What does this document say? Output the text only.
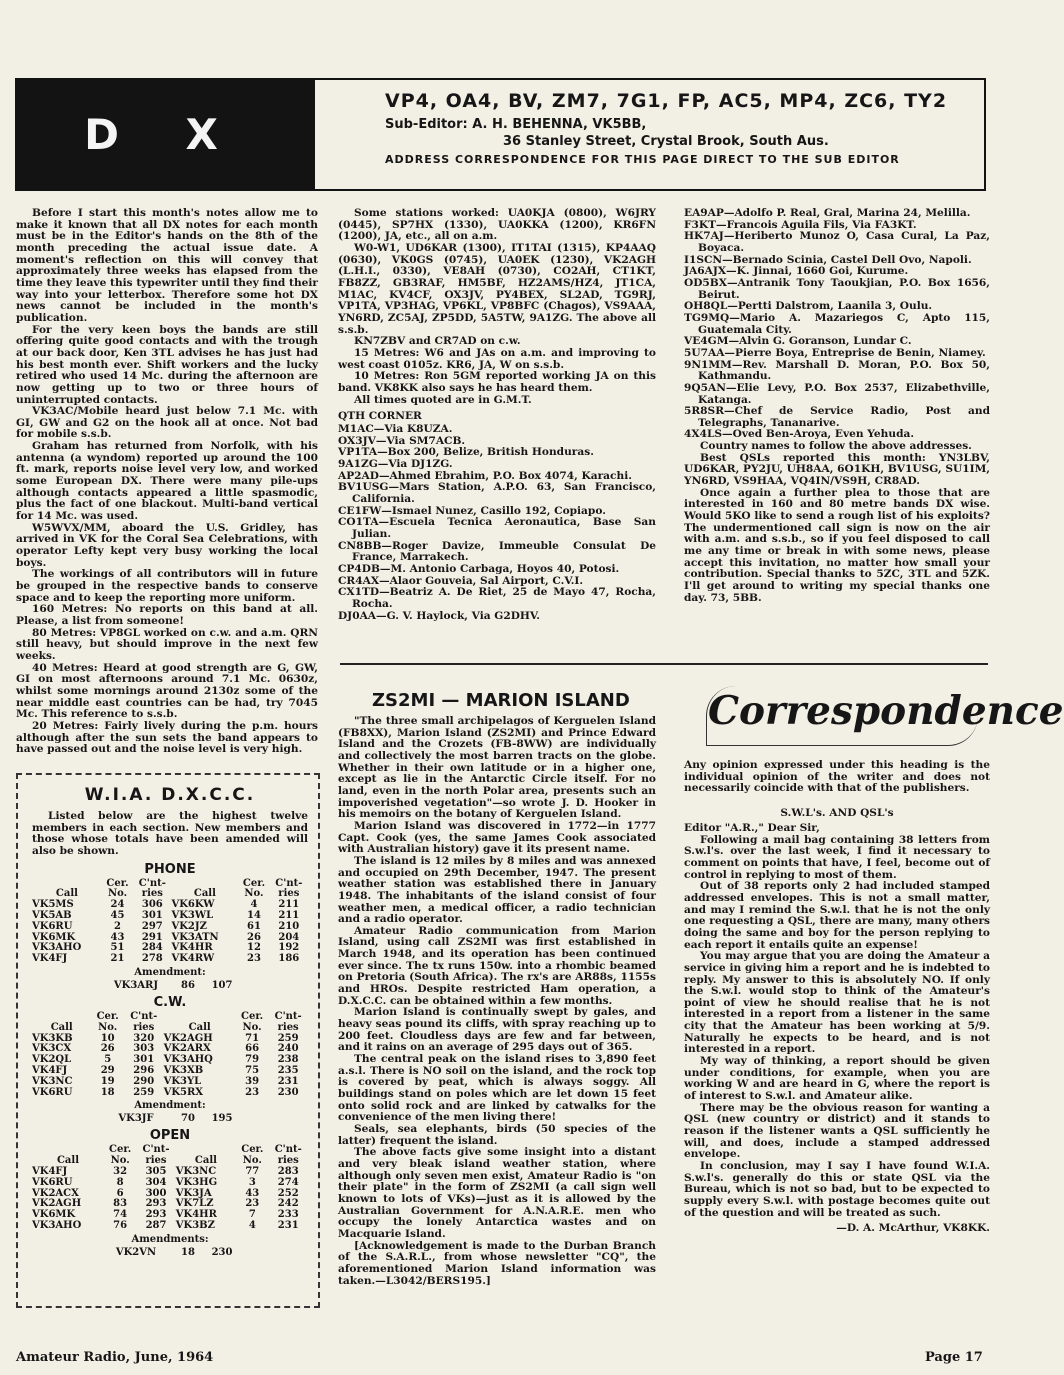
D X
VP4, OA4, BV, ZM7, 7G1, FP, AC5, MP4, ZC6, TY2
Sub-Editor: A. H. BEHENNA, VK5BB,
36 Stanley Street, Crystal Brook, South Aus.
ADDRESS CORRESPONDENCE FOR THIS PAGE DIRECT TO THE SUB EDITOR

Before I start this month's notes allow me to make it known that all DX notes for each month must be in the Editor's hands on the 8th of the month preceding the actual issue date. A moment's reflection on this will convey that approximately three weeks has elapsed from the time they leave this typewriter until they find their way into your letterbox. Therefore some hot DX news cannot be included in the month's publication.

For the very keen boys the bands are still offering quite good contacts and with the trough at our back door, Ken 3TL advises he has just had his best month ever. Shift workers and the lucky retired who used 14 Mc. during the afternoon are now getting up to two or three hours of uninterrupted contacts.

VK3AC/Mobile heard just below 7.1 Mc. with GI, GW and G2 on the hook all at once. Not bad for mobile s.s.b.

Graham has returned from Norfolk, with his antenna (a wyndom) reported up around the 100 ft. mark, reports noise level very low, and worked some European DX. There were many pile-ups although contacts appeared a little spasmodic, plus the fact of one blackout. Multi-band vertical for 14 Mc. was used.

W5WVX/MM, aboard the U.S. Gridley, has arrived in VK for the Coral Sea Celebrations, with operator Lefty kept very busy working the local boys.

The workings of all contributors will in future be grouped in the respective bands to conserve space and to keep the reporting more uniform.

160 Metres: No reports on this band at all. Please, a list from someone!

80 Metres: VP8GL worked on c.w. and a.m. QRN still heavy, but should improve in the next few weeks.

40 Metres: Heard at good strength are G, GW, GI on most afternoons around 7.1 Mc. 0630z, whilst some mornings around 2130z some of the near middle east countries can be had, try 7045 Mc. This reference to s.s.b.

20 Metres: Fairly lively during the p.m. hours although after the sun sets the band appears to have passed out and the noise level is very high.

W.I.A. D.X.C.C.

Listed below are the highest twelve members in each section. New members and those whose totals have been amended will also be shown.

PHONE
	Cer.	C'nt-		Cer.	C'nt-
Call	No.	ries	Call	No.	ries
VK5MS	24	306	VK6KW	4	211
VK5AB	45	301	VK3WL	14	211
VK6RU	2	297	VK2JZ	61	210
VK6MK	43	291	VK3ATN	26	204
VK3AHO	51	284	VK4HR	12	192
VK4FJ	21	278	VK4RW	23	186
Amendment:
VK3ARJ 86 107
C.W.
	Cer.	C'nt-		Cer.	C'nt-
Call	No.	ries	Call	No.	ries
VK3KB	10	320	VK2AGH	71	259
VK3CX	26	303	VK2ARX	66	240
VK2QL	5	301	VK3AHQ	79	238
VK4FJ	29	296	VK3XB	75	235
VK3NC	19	290	VK3YL	39	231
VK6RU	18	259	VK5RX	23	230
Amendment:
VK3JF	70 195
OPEN
	Cer.	C'nt-		Cer.	C'nt-
Call	No.	ries	Call	No.	ries
VK4FJ	32	305	VK3NC	77	283
VK6RU	8	304	VK3HG	3	274
VK2ACX	6	300	VK3JA	43	252
VK2AGH	83	293	VK7LZ	23	242
VK6MK	74	293	VK4HR	7	233
VK3AHO	76	287	VK3BZ	4	231
Amendments:
VK2VN 18 230

Some stations worked: UA0KJA (0800), W6JRY (0445), SP7HX (1330), UA0KKA (1200), KR6FN (1200), JA, etc., all on a.m.

W0-W1, UD6KAR (1300), IT1TAI (1315), KP4AAQ (0630), VK0GS (0745), UA0EK (1230), VK2AGH (L.H.I., 0330), VE8AH (0730), CO2AH, CT1KT, FB8ZZ, GB3RAF, HM5BF, HZ2AMS/HZ4, JT1CA, M1AC, KV4CF, OX3JV, PY4BEX, SL2AD, TG9RJ, VP1TA, VP3HAG, VP6KL, VP8BFC (Chagos), VS9AAA, YN6RD, ZC5AJ, ZP5DD, 5A5TW, 9A1ZG. The above all s.s.b.

KN7ZBV and CR7AD on c.w.

15 Metres: W6 and JAs on a.m. and improving to west coast 0105z. KR6, JA, W on s.s.b.

10 Metres: Ron 5GM reported working JA on this band. VK8KK also says he has heard them.

All times quoted are in G.M.T.

QTH CORNER

M1AC—Via K8UZA.

OX3JV—Via SM7ACB.

VP1TA—Box 200, Belize, British Honduras.

9A1ZG—Via DJ1ZG.

AP2AD—Ahmed Ebrahim, P.O. Box 4074, Karachi.

BV1USG—Mars Station, A.P.O. 63, San Francisco, California.

CE1FW—Ismael Nunez, Casillo 192, Copiapo.

CO1TA—Escuela Tecnica Aeronautica, Base San Julian.

CN8BB—Roger Davize, Immeuble Consulat De France, Marrakech.

CP4DB—M. Antonio Carbaga, Hoyos 40, Potosi.

CR4AX—Alaor Gouveia, Sal Airport, C.V.I.

CX1TD—Beatriz A. De Riet, 25 de Mayo 47, Rocha, Rocha.

DJ0AA—G. V. Haylock, Via G2DHV.

EA9AP—Adolfo P. Real, Gral, Marina 24, Melilla.

F3KT—Francois Aguila Fils, Via FA3KT.

HK7AJ—Heriberto Munoz O, Casa Cural, La Paz, Boyaca.

I1SCN—Bernado Scinia, Castel Dell Ovo, Napoli.

JA6AJX—K. Jinnai, 1660 Goi, Kurume.

OD5BX—Antranik Tony Taoukjian, P.O. Box 1656, Beirut.

OH8QL—Pertti Dalstrom, Laanila 3, Oulu.

TG9MQ—Mario A. Mazariegos C, Apto 115, Guatemala City.

VE4GM—Alvin G. Goranson, Lundar C.

5U7AA—Pierre Boya, Entreprise de Benin, Niamey.

9N1MM—Rev. Marshall D. Moran, P.O. Box 50, Kathmandu.

9Q5AN—Elie Levy, P.O. Box 2537, Elizabethville, Katanga.

5R8SR—Chef de Service Radio, Post and Telegraphs, Tananarive.

4X4LS—Oved Ben-Aroya, Even Yehuda.

Country names to follow the above addresses.

Best QSLs reported this month: YN3LBV, UD6KAR, PY2JU, UH8AA, 6O1KH, BV1USG, SU1IM, YN6RD, VS9HAA, VQ4IN/VS9H, CR8AD.

Once again a further plea to those that are interested in 160 and 80 metre bands DX wise. Would 5KO like to send a rough list of his exploits? The undermentioned call sign is now on the air with a.m. and s.s.b., so if you feel disposed to call me any time or break in with some news, please accept this invitation, no matter how small your contribution. Special thanks to 5ZC, 3TL and 5ZK. I'll get around to writing my special thanks one day. 73, 5BB.

ZS2MI — MARION ISLAND

"The three small archipelagos of Kerguelen Island (FB8XX), Marion Island (ZS2MI) and Prince Edward Island and the Crozets (FB-8WW) are individually and collectively the most barren tracts on the globe. Whether in their own latitude or in a higher one, except as lie in the Antarctic Circle itself. For no land, even in the north Polar area, presents such an impoverished vegetation"—so wrote J. D. Hooker in his memoirs on the botany of Kerguelen Island.

Marion Island was discovered in 1772—in 1777 Capt. Cook (yes, the same James Cook associated with Australian history) gave it its present name.

The island is 12 miles by 8 miles and was annexed and occupied on 29th December, 1947. The present weather station was established there in January 1948. The inhabitants of the island consist of four weather men, a medical officer, a radio technician and a radio operator.

Amateur Radio communication from Marion Island, using call ZS2MI was first established in March 1948, and its operation has been continued ever since. The tx runs 150w. into a rhombic beamed on Pretoria (South Africa). The rx's are AR88s, 1155s and HROs. Despite restricted Ham operation, a D.X.C.C. can be obtained within a few months.

Marion Island is continually swept by gales, and heavy seas pound its cliffs, with spray reaching up to 200 feet. Cloudless days are few and far between, and it rains on an average of 295 days out of 365.

The central peak on the island rises to 3,890 feet a.s.l. There is NO soil on the island, and the rock top is covered by peat, which is always soggy. All buildings stand on poles which are let down 15 feet onto solid rock and are linked by catwalks for the convenience of the men living there!

Seals, sea elephants, birds (50 species of the latter) frequent the island.

The above facts give some insight into a distant and very bleak island weather station, where although only seven men exist, Amateur Radio is "on their plate" in the form of ZS2MI (a call sign well known to lots of VKs)—just as it is allowed by the Australian Government for A.N.A.R.E. men who occupy the lonely Antarctica wastes and on Macquarie Island.

[Acknowledgement is made to the Durban Branch of the S.A.R.L., from whose newsletter "CQ", the aforementioned Marion Island information was taken.—L3042/BERS195.]

Correspondence

Any opinion expressed under this heading is the individual opinion of the writer and does not necessarily coincide with that of the publishers.

S.W.L's. AND QSL's

Editor "A.R.," Dear Sir,

Following a mail bag containing 38 letters from S.w.l's. over the last week, I find it necessary to comment on points that have, I feel, become out of control in replying to most of them.

Out of 38 reports only 2 had included stamped addressed envelopes. This is not a small matter, and may I remind the S.w.l. that he is not the only one requesting a QSL, there are many, many others doing the same and boy for the person replying to each report it entails quite an expense!

You may argue that you are doing the Amateur a service in giving him a report and he is indebted to reply. My answer to this is absolutely NO. If only the S.w.l. would stop to think of the Amateur's point of view he should realise that he is not interested in a report from a listener in the same city that the Amateur has been working at 5/9. Naturally he expects to be heard, and is not interested in a report.

My way of thinking, a report should be given under conditions, for example, when you are working W and are heard in G, where the report is of interest to S.w.l. and Amateur alike.

There may be the obvious reason for wanting a QSL (new country or district) and it stands to reason if the listener wants a QSL sufficiently he will, and does, include a stamped addressed envelope.

In conclusion, may I say I have found W.I.A. S.w.l's. generally do this or state QSL via the Bureau, which is not so bad, but to be expected to supply every S.w.l. with postage becomes quite out of the question and will be treated as such.

—D. A. McArthur, VK8KK.

Amateur Radio, June, 1964	Page 17
